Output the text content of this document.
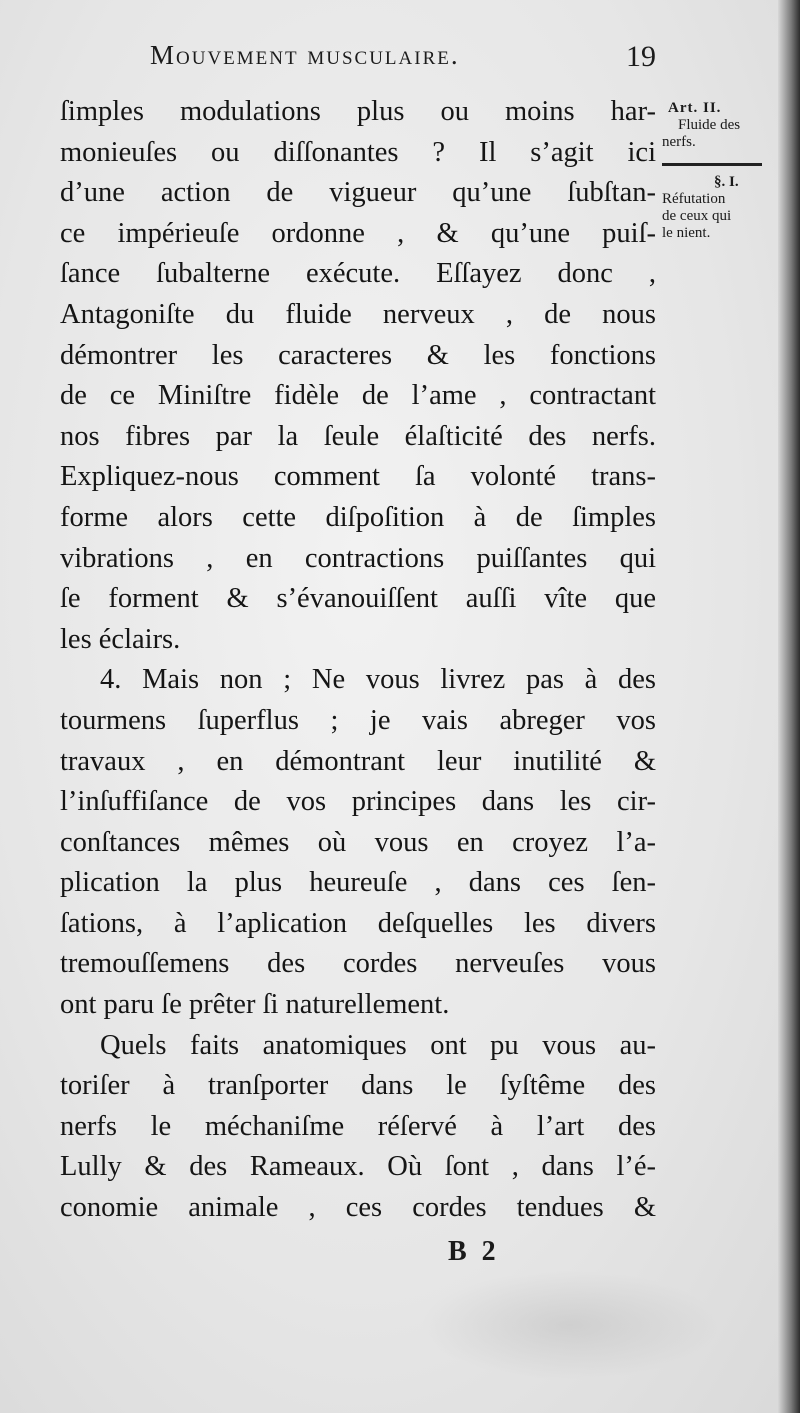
Mouvement musculaire.	19
ſimples modulations plus ou moins har-
monieuſes ou diſſonantes ? Il s’agit ici
d’une action de vigueur qu’une ſubſtan-
ce impérieuſe ordonne , & qu’une puiſ-
ſance ſubalterne exécute. Eſſayez donc ,
Antagoniſte du fluide nerveux , de nous
démontrer les caracteres & les fonctions
de ce Miniſtre fidèle de l’ame , contractant
nos fibres par la ſeule élaſticité des nerfs.
Expliquez-nous comment ſa volonté trans-
forme alors cette diſpoſition à de ſimples
vibrations , en contractions puiſſantes qui
ſe forment & s’évanouiſſent auſſi vîte que
les éclairs.
4. Mais non ; Ne vous livrez pas à des
tourmens ſuperflus ; je vais abreger vos
travaux , en démontrant leur inutilité &
l’inſuffiſance de vos principes dans les cir-
conſtances mêmes où vous en croyez l’a-
plication la plus heureuſe , dans ces ſen-
ſations, à l’aplication deſquelles les divers
tremouſſemens des cordes nerveuſes vous
ont paru ſe prêter ſi naturellement.
Quels faits anatomiques ont pu vous au-
toriſer à tranſporter dans le ſyſtême des
nerfs le méchaniſme réſervé à l’art des
Lully & des Rameaux. Où ſont , dans l’é-
conomie animale , ces cordes tendues &
Art. II.
Fluide des
nerfs.
§. I.
Réfutation
de ceux qui
le nient.
B 2
